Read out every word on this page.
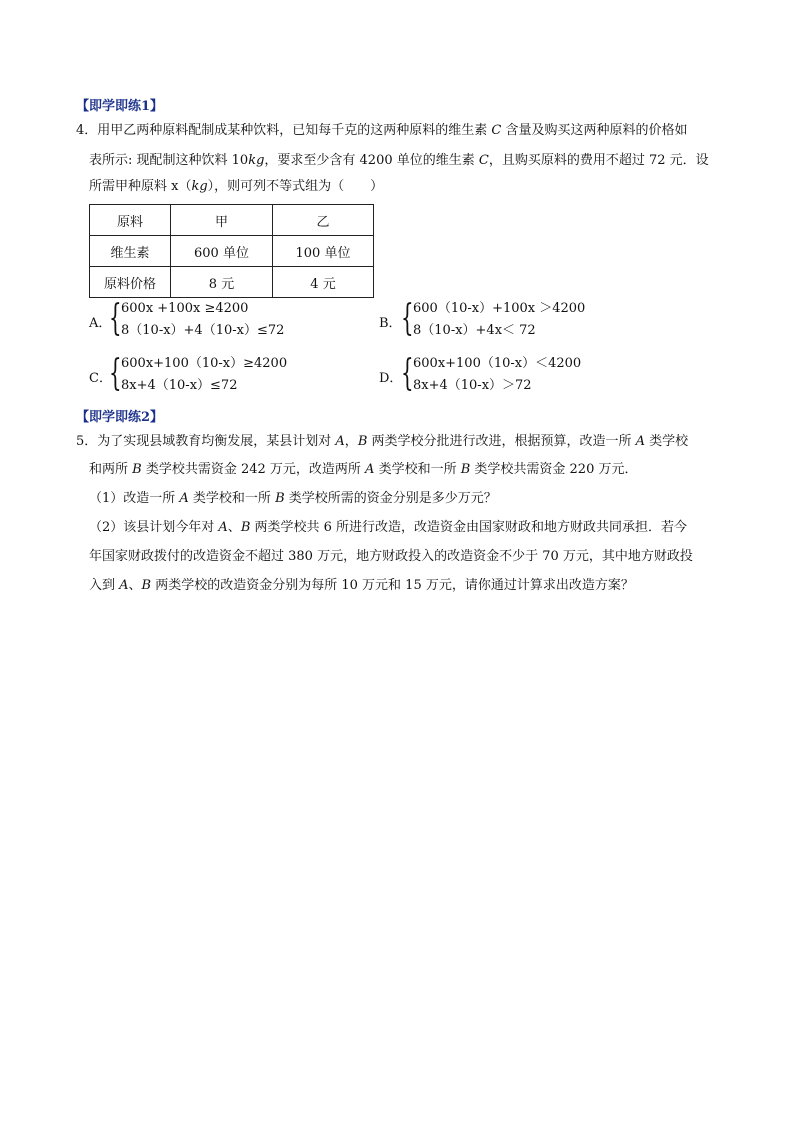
【即学即练1】
4．用甲乙两种原料配制成某种饮料，已知每千克的这两种原料的维生素 C 含量及购买这两种原料的价格如
表所示: 现配制这种饮料 10kg，要求至少含有 4200 单位的维生素 C，且购买原料的费用不超过 72 元．设
所需甲种原料 x（kg），则可列不等式组为（　　）
原料	甲	乙
维生素	600 单位	100 单位
原料价格	8 元	4 元
A．
{ 600x +100x ≥4200
8（10-x）+4（10-x）≤72	B． { 600（10-x）+100x ＞4200
8（10-x）+4x＜ 72
C．
{ 600x+100（10-x）≥4200
8x+4（10-x）≤72	D．
{ 600x+100（10-x）＜4200
8x+4（10-x）＞72
【即学即练2】
5．为了实现县域教育均衡发展，某县计划对 A，B 两类学校分批进行改进，根据预算，改造一所 A 类学校
和两所 B 类学校共需资金 242 万元，改造两所 A 类学校和一所 B 类学校共需资金 220 万元．
（1）改造一所 A 类学校和一所 B 类学校所需的资金分别是多少万元？
（2）该县计划今年对 A、B 两类学校共 6 所进行改造，改造资金由国家财政和地方财政共同承担．若今
年国家财政拨付的改造资金不超过 380 万元，地方财政投入的改造资金不少于 70 万元，其中地方财政投
入到 A、B 两类学校的改造资金分别为每所 10 万元和 15 万元，请你通过计算求出改造方案？
